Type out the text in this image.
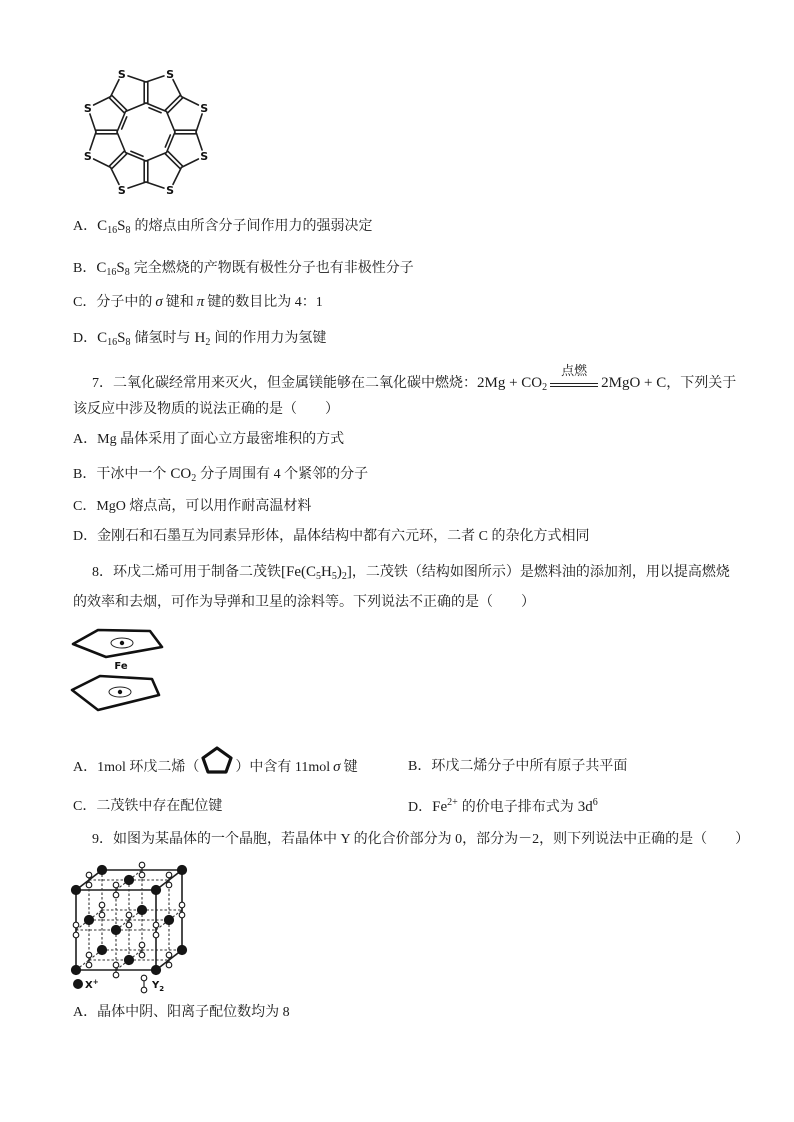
S
S
S
S
S
S	S
S
A．$C_{16}S_8$ 的熔点由所含分子间作用力的强弱决定
B．$C_{16}S_8$ 完全燃烧的产物既有极性分子也有非极性分子
C．分子中的 σ 键和 π 键的数目比为 4：1
D．$C_{16}S_8$ 储氢时与 $H_2$ 间的作用力为氢键
7．二氧化碳经常用来灭火，但金属镁能够在二氧化碳中燃烧：$2Mg + CO_2$
点燃
2MgO + C，下列关于
该反应中涉及物质的说法正确的是（　　）
A．Mg 晶体采用了面心立方最密堆积的方式
B．干冰中一个 $CO_2$ 分子周围有 4 个紧邻的分子
C．MgO 熔点高，可以用作耐高温材料
D．金刚石和石墨互为同素异形体，晶体结构中都有六元环，二者 C 的杂化方式相同
8．环戊二烯可用于制备二茂铁$[Fe(C_5H_5)_2]$，二茂铁（结构如图所示）是燃料油的添加剂，用以提高燃烧
的效率和去烟，可作为导弹和卫星的涂料等。下列说法不正确的是（　　）
Fe
A．1mol 环戊二烯（	）中含有 11mol σ 键	B．环戊二烯分子中所有原子共平面
C．二茂铁中存在配位键	D．$Fe^{2+}$ 的价电子排布式为 $3d^6$
9．如图为某晶体的一个晶胞，若晶体中 Y 的化合价部分为 0，部分为－2，则下列说法中正确的是（　　）
X+	$Y_2$
A．晶体中阴、阳离子配位数均为 8
